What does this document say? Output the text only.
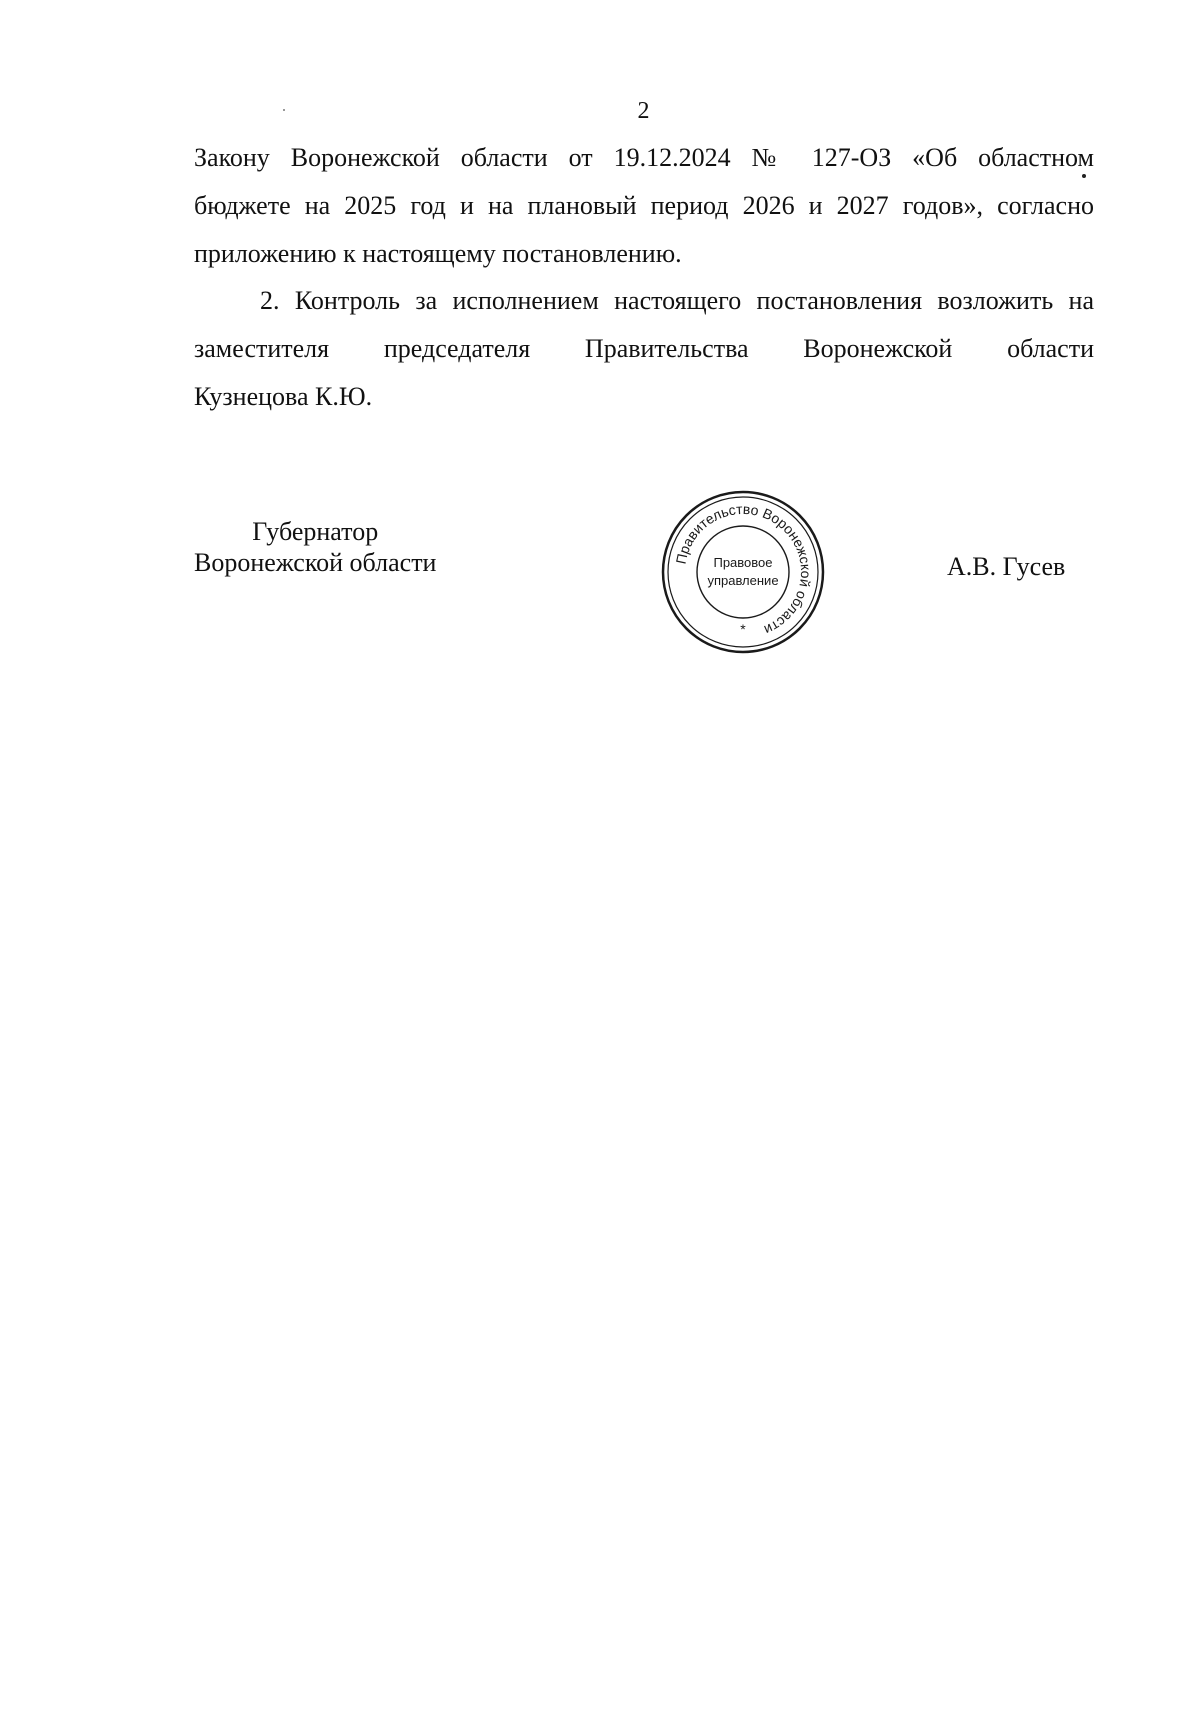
2
Закону Воронежской области от 19.12.2024 № 127-ОЗ «Об областном
бюджете на 2025 год и на плановый период 2026 и 2027 годов», согласно
приложению к настоящему постановлению.
2. Контроль за исполнением настоящего постановления возложить на
заместителя председателя Правительства Воронежской области
Кузнецова К.Ю.
Губернатор
Воронежской области	Правительство Воронежской области
Правовое
управление
*
А.В. Гусев
